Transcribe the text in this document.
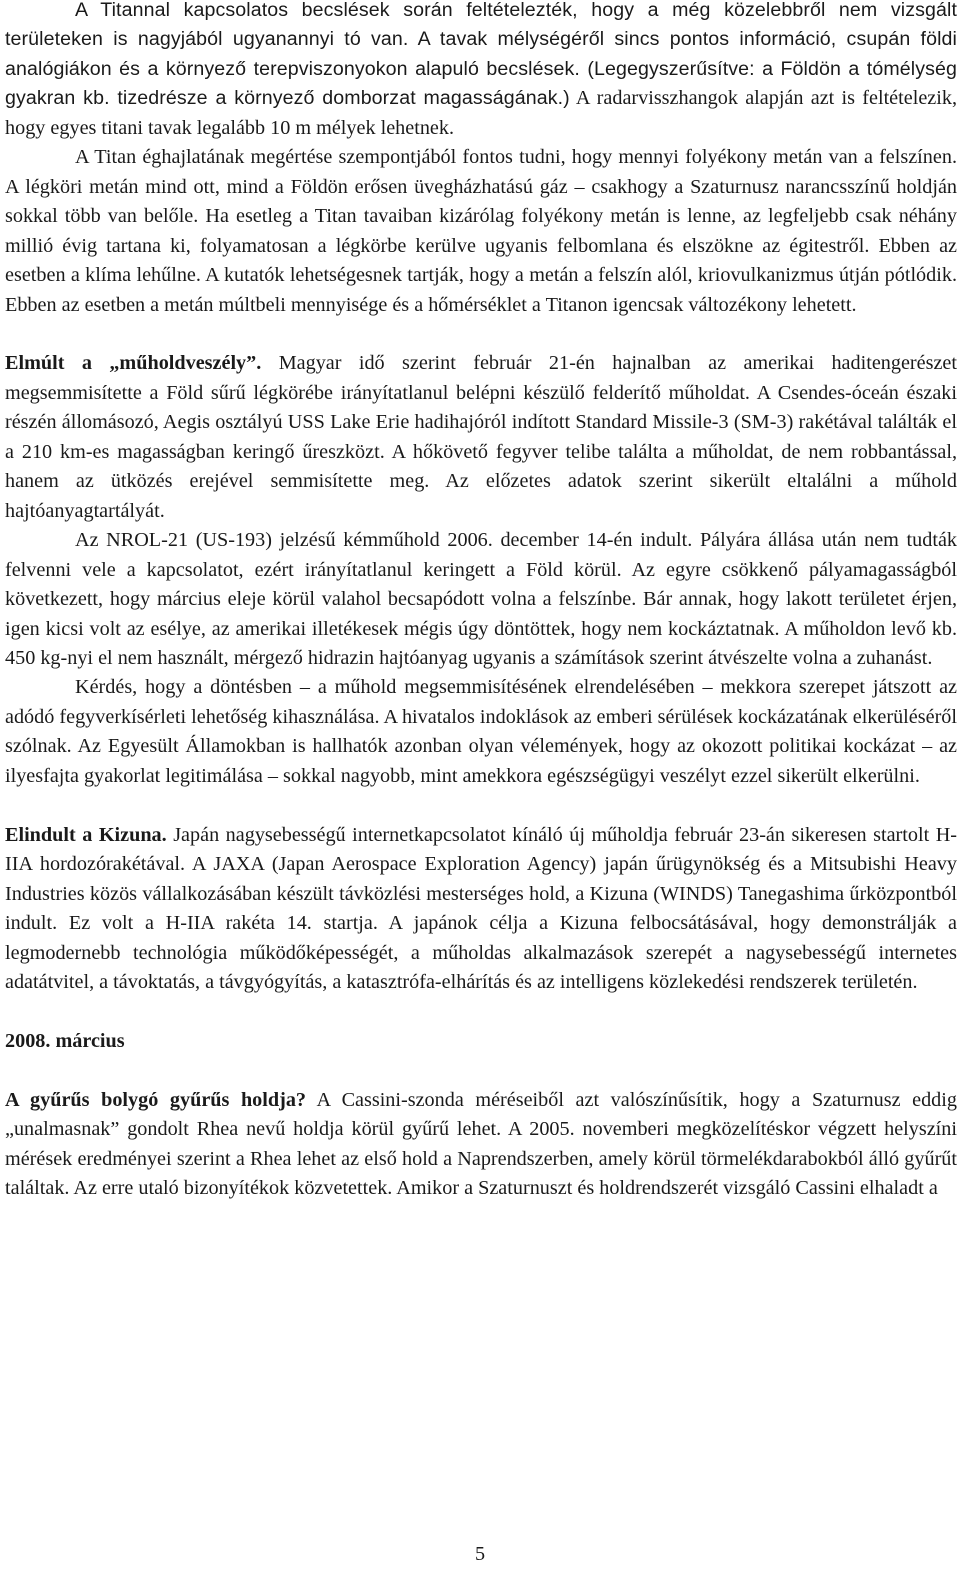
A Titannal kapcsolatos becslések során feltételezték, hogy a még közelebbről nem vizsgált területeken is nagyjából ugyanannyi tó van. A tavak mélységéről sincs pontos információ, csupán földi analógiákon és a környező terepviszonyokon alapuló becslések. (Legegyszerűsítve: a Földön a tómélység gyakran kb. tizedrésze a környező domborzat magasságának.) A radarvisszhangok alapján azt is feltételezik, hogy egyes titani tavak legalább 10 m mélyek lehetnek.

A Titan éghajlatának megértése szempontjából fontos tudni, hogy mennyi folyékony metán van a felszínen. A légköri metán mind ott, mind a Földön erősen üvegházhatású gáz – csakhogy a Szaturnusz narancsszínű holdján sokkal több van belőle. Ha esetleg a Titan tavaiban kizárólag folyékony metán is lenne, az legfeljebb csak néhány millió évig tartana ki, folyamatosan a légkörbe kerülve ugyanis felbomlana és elszökne az égitestről. Ebben az esetben a klíma lehűlne. A kutatók lehetségesnek tartják, hogy a metán a felszín alól, kriovulkanizmus útján pótlódik. Ebben az esetben a metán múltbeli mennyisége és a hőmérséklet a Titanon igencsak változékony lehetett.

Elmúlt a „műholdveszély”. Magyar idő szerint február 21-én hajnalban az amerikai haditengerészet megsemmisítette a Föld sűrű légkörébe irányítatlanul belépni készülő felderítő műholdat. A Csendes-óceán északi részén állomásozó, Aegis osztályú USS Lake Erie hadihajóról indított Standard Missile-3 (SM-3) rakétával találták el a 210 km-es magasságban keringő űreszközt. A hőkövető fegyver telibe találta a műholdat, de nem robbantással, hanem az ütközés erejével semmisítette meg. Az előzetes adatok szerint sikerült eltalálni a műhold hajtóanyagtartályát.

Az NROL-21 (US-193) jelzésű kémműhold 2006. december 14-én indult. Pályára állása után nem tudták felvenni vele a kapcsolatot, ezért irányítatlanul keringett a Föld körül. Az egyre csökkenő pályamagasságból következett, hogy március eleje körül valahol becsapódott volna a felszínbe. Bár annak, hogy lakott területet érjen, igen kicsi volt az esélye, az amerikai illetékesek mégis úgy döntöttek, hogy nem kockáztatnak. A műholdon levő kb. 450 kg-nyi el nem használt, mérgező hidrazin hajtóanyag ugyanis a számítások szerint átvészelte volna a zuhanást.

Kérdés, hogy a döntésben – a műhold megsemmisítésének elrendelésében – mekkora szerepet játszott az adódó fegyverkísérleti lehetőség kihasználása. A hivatalos indoklások az emberi sérülések kockázatának elkerüléséről szólnak. Az Egyesült Államokban is hallhatók azonban olyan vélemények, hogy az okozott politikai kockázat – az ilyesfajta gyakorlat legitimálása – sokkal nagyobb, mint amekkora egészségügyi veszélyt ezzel sikerült elkerülni.

Elindult a Kizuna. Japán nagysebességű internetkapcsolatot kínáló új műholdja február 23-án sikeresen startolt H-IIA hordozórakétával. A JAXA (Japan Aerospace Exploration Agency) japán űrügynökség és a Mitsubishi Heavy Industries közös vállalkozásában készült távközlési mesterséges hold, a Kizuna (WINDS) Tanegashima űrközpontból indult. Ez volt a H-IIA rakéta 14. startja. A japánok célja a Kizuna felbocsátásával, hogy demonstrálják a legmodernebb technológia működőképességét, a műholdas alkalmazások szerepét a nagysebességű internetes adatátvitel, a távoktatás, a távgyógyítás, a katasztrófa-elhárítás és az intelligens közlekedési rendszerek területén.

2008. március

A gyűrűs bolygó gyűrűs holdja? A Cassini-szonda méréseiből azt valószínűsítik, hogy a Szaturnusz eddig „unalmasnak” gondolt Rhea nevű holdja körül gyűrű lehet. A 2005. novemberi megközelítéskor végzett helyszíni mérések eredményei szerint a Rhea lehet az első hold a Naprendszerben, amely körül törmelékdarabokból álló gyűrűt találtak. Az erre utaló bizonyítékok közvetettek. Amikor a Szaturnuszt és holdrendszerét vizsgáló Cassini elhaladt a

5
